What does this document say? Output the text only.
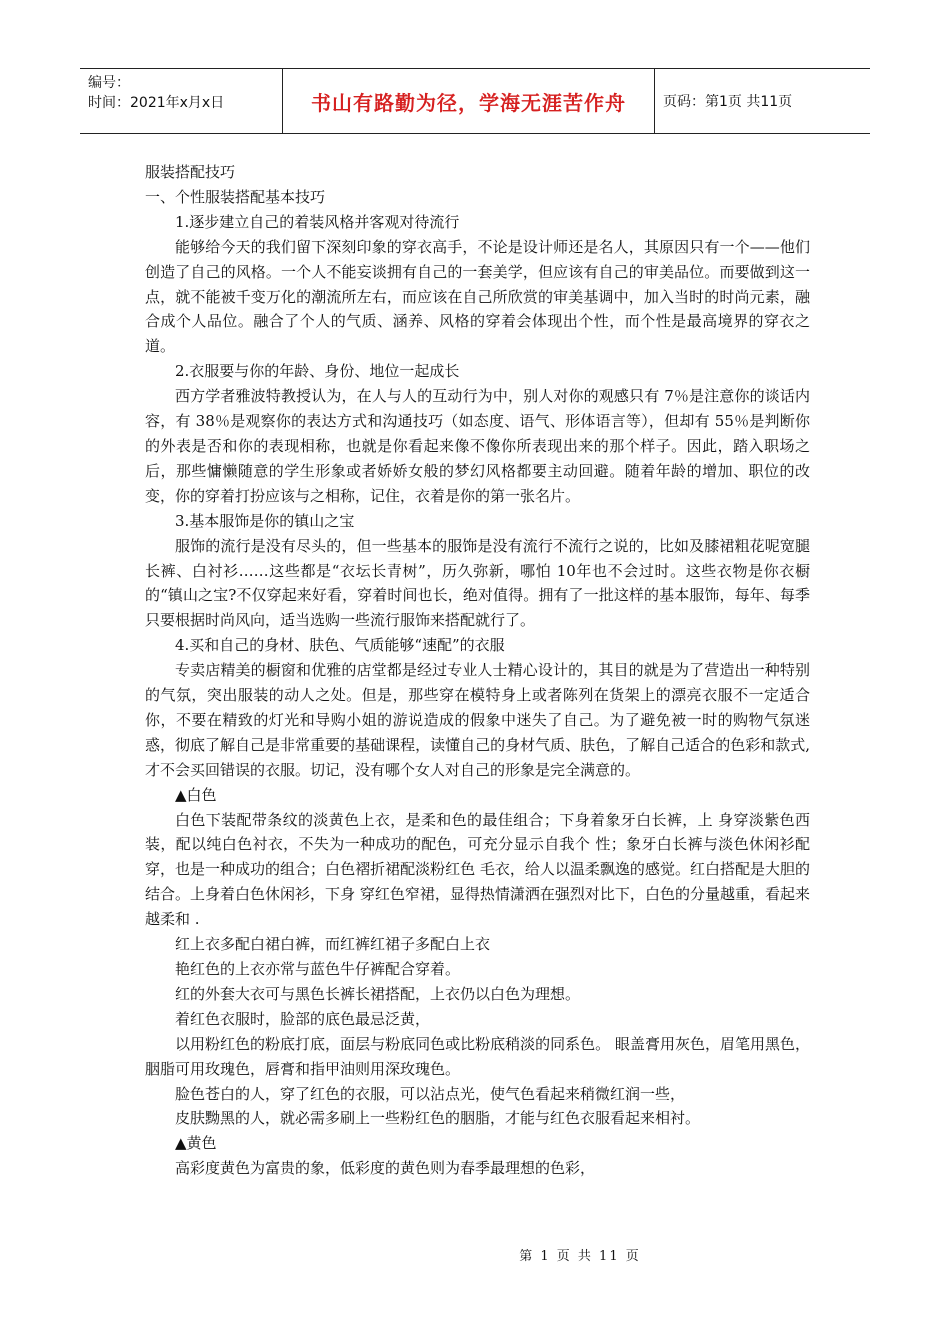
编号：
时间：2021年x月x日	书山有路勤为径，学海无涯苦作舟	页码：第1页 共11页

服装搭配技巧

一、个性服装搭配基本技巧

1.逐步建立自己的着装风格并客观对待流行

能够给今天的我们留下深刻印象的穿衣高手，不论是设计师还是名人，其原因只有一个——他们创造了自己的风格。一个人不能妄谈拥有自己的一套美学，但应该有自己的审美品位。而要做到这一点，就不能被千变万化的潮流所左右，而应该在自己所欣赏的审美基调中，加入当时的时尚元素，融合成个人品位。融合了个人的气质、涵养、风格的穿着会体现出个性，而个性是最高境界的穿衣之道。

2.衣服要与你的年龄、身份、地位一起成长

西方学者雅波特教授认为，在人与人的互动行为中，别人对你的观感只有 7％是注意你的谈话内容，有 38％是观察你的表达方式和沟通技巧（如态度、语气、形体语言等），但却有 55％是判断你的外表是否和你的表现相称，也就是你看起来像不像你所表现出来的那个样子。因此，踏入职场之后，那些慵懒随意的学生形象或者娇娇女般的梦幻风格都要主动回避。随着年龄的增加、职位的改变，你的穿着打扮应该与之相称，记住，衣着是你的第一张名片。

3.基本服饰是你的镇山之宝

服饰的流行是没有尽头的，但一些基本的服饰是没有流行不流行之说的，比如及膝裙粗花呢宽腿长裤、白衬衫……这些都是“衣坛长青树”，历久弥新，哪怕 10年也不会过时。这些衣物是你衣橱的“镇山之宝?不仅穿起来好看，穿着时间也长，绝对值得。拥有了一批这样的基本服饰，每年、每季只要根据时尚风向，适当选购一些流行服饰来搭配就行了。

4.买和自己的身材、肤色、气质能够“速配”的衣服

专卖店精美的橱窗和优雅的店堂都是经过专业人士精心设计的，其目的就是为了营造出一种特别的气氛，突出服装的动人之处。但是，那些穿在模特身上或者陈列在货架上的漂亮衣服不一定适合你，不要在精致的灯光和导购小姐的游说造成的假象中迷失了自己。为了避免被一时的购物气氛迷惑，彻底了解自己是非常重要的基础课程，读懂自己的身材气质、肤色，了解自己适合的色彩和款式,才不会买回错误的衣服。切记，没有哪个女人对自己的形象是完全满意的。

▲白色

白色下装配带条纹的淡黄色上衣，是柔和色的最佳组合；下身着象牙白长裤，上 身穿淡紫色西装，配以纯白色衬衣，不失为一种成功的配色，可充分显示自我个 性；象牙白长裤与淡色休闲衫配穿，也是一种成功的组合；白色褶折裙配淡粉红色 毛衣，给人以温柔飘逸的感觉。红白搭配是大胆的结合。上身着白色休闲衫，下身 穿红色窄裙，显得热情潇洒在强烈对比下，白色的分量越重，看起来越柔和 .

红上衣多配白裙白裤，而红裤红裙子多配白上衣

艳红色的上衣亦常与蓝色牛仔裤配合穿着。

红的外套大衣可与黑色长裤长裙搭配，上衣仍以白色为理想。

着红色衣服时，脸部的底色最忌泛黄，

以用粉红色的粉底打底，面层与粉底同色或比粉底稍淡的同系色。 眼盖膏用灰色，眉笔用黑色，胭脂可用玫瑰色，唇膏和指甲油则用深玫瑰色。

脸色苍白的人，穿了红色的衣服，可以沾点光，使气色看起来稍微红润一些，

皮肤黝黑的人，就必需多刷上一些粉红色的胭脂，才能与红色衣服看起来相衬。

▲黄色

高彩度黄色为富贵的象，低彩度的黄色则为春季最理想的色彩，

第 1 页 共 11 页
